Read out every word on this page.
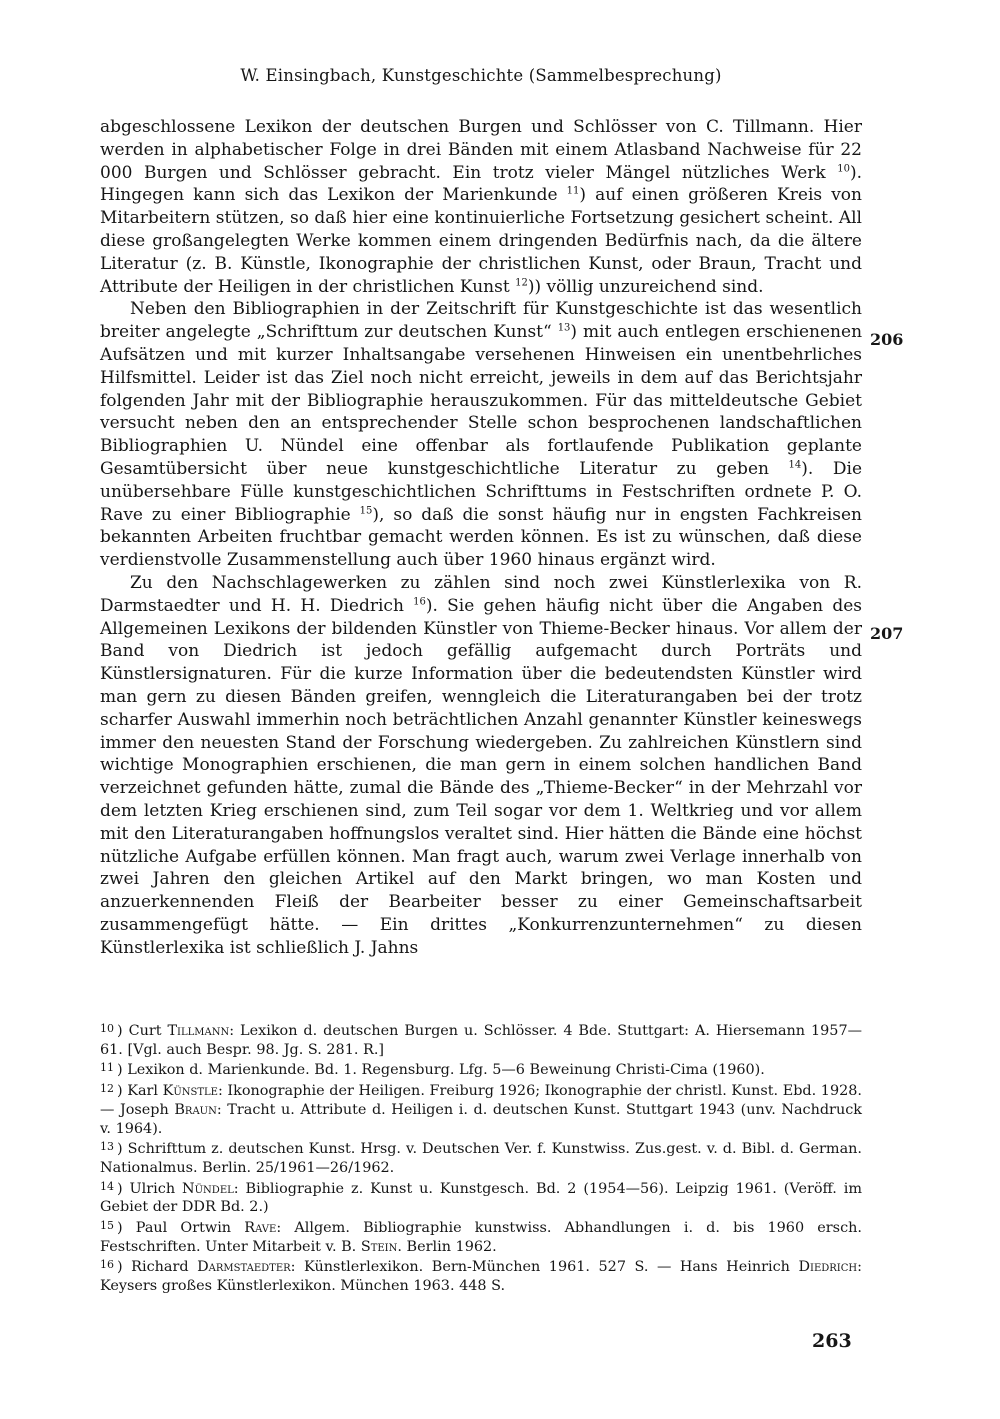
W. Einsingbach, Kunstgeschichte (Sammelbesprechung)

abgeschlossene Lexikon der deutschen Burgen und Schlösser von C. Tillmann. Hier werden in alphabetischer Folge in drei Bänden mit einem Atlasband Nachweise für 22 000 Burgen und Schlösser gebracht. Ein trotz vieler Mängel nützliches Werk $^{10}$). Hingegen kann sich das Lexikon der Marienkunde $^{11}$) auf einen größeren Kreis von Mitarbeitern stützen, so daß hier eine kontinuierliche Fortsetzung gesichert scheint. All diese großangelegten Werke kommen einem dringenden Bedürfnis nach, da die ältere Literatur (z. B. Künstle, Ikonographie der christlichen Kunst, oder Braun, Tracht und Attribute der Heiligen in der christlichen Kunst $^{12}$)) völlig unzureichend sind.

Neben den Bibliographien in der Zeitschrift für Kunstgeschichte ist das wesentlich breiter angelegte „Schrifttum zur deutschen Kunst“ $^{13}$) mit auch entlegen erschienenen Aufsätzen und mit kurzer Inhaltsangabe versehenen Hinweisen ein unentbehrliches Hilfsmittel. Leider ist das Ziel noch nicht erreicht, jeweils in dem auf das Berichtsjahr folgenden Jahr mit der Bibliographie herauszukommen. Für das mitteldeutsche Gebiet versucht neben den an entsprechender Stelle schon besprochenen landschaftlichen Bibliographien U. Nündel eine offenbar als fortlaufende Publikation geplante Gesamtübersicht über neue kunstgeschichtliche Literatur zu geben $^{14}$). Die unübersehbare Fülle kunstgeschichtlichen Schrifttums in Festschriften ordnete P. O. Rave zu einer Bibliographie $^{15}$), so daß die sonst häufig nur in engsten Fachkreisen bekannten Arbeiten fruchtbar gemacht werden können. Es ist zu wünschen, daß diese verdienstvolle Zusammenstellung auch über 1960 hinaus ergänzt wird.

Zu den Nachschlagewerken zu zählen sind noch zwei Künstlerlexika von R. Darmstaedter und H. H. Diedrich $^{16}$). Sie gehen häufig nicht über die Angaben des Allgemeinen Lexikons der bildenden Künstler von Thieme-Becker hinaus. Vor allem der Band von Diedrich ist jedoch gefällig aufgemacht durch Porträts und Künstlersignaturen. Für die kurze Information über die bedeutendsten Künstler wird man gern zu diesen Bänden greifen, wenngleich die Literaturangaben bei der trotz scharfer Auswahl immerhin noch beträchtlichen Anzahl genannter Künstler keineswegs immer den neuesten Stand der Forschung wiedergeben. Zu zahlreichen Künstlern sind wichtige Monographien erschienen, die man gern in einem solchen handlichen Band verzeichnet gefunden hätte, zumal die Bände des „Thieme-Becker“ in der Mehrzahl vor dem letzten Krieg erschienen sind, zum Teil sogar vor dem 1. Weltkrieg und vor allem mit den Literaturangaben hoffnungslos veraltet sind. Hier hätten die Bände eine höchst nützliche Aufgabe erfüllen können. Man fragt auch, warum zwei Verlage innerhalb von zwei Jahren den gleichen Artikel auf den Markt bringen, wo man Kosten und anzuerkennenden Fleiß der Bearbeiter besser zu einer Gemeinschaftsarbeit zusammengefügt hätte. — Ein drittes „Konkurrenzunternehmen“ zu diesen Künstlerlexika ist schließlich J. Jahns

206
207

$^{10}$ ) Curt Tillmann: Lexikon d. deutschen Burgen u. Schlösser. 4 Bde. Stuttgart: A. Hiersemann 1957—61. [Vgl. auch Bespr. 98. Jg. S. 281. R.]

$^{11}$ ) Lexikon d. Marienkunde. Bd. 1. Regensburg. Lfg. 5—6 Beweinung Christi-Cima (1960).

$^{12}$ ) Karl Künstle: Ikonographie der Heiligen. Freiburg 1926; Ikonographie der christl. Kunst. Ebd. 1928. — Joseph Braun: Tracht u. Attribute d. Heiligen i. d. deutschen Kunst. Stuttgart 1943 (unv. Nachdruck v. 1964).

$^{13}$ ) Schrifttum z. deutschen Kunst. Hrsg. v. Deutschen Ver. f. Kunstwiss. Zus.gest. v. d. Bibl. d. German. Nationalmus. Berlin. 25/1961—26/1962.

$^{14}$ ) Ulrich Nündel: Bibliographie z. Kunst u. Kunstgesch. Bd. 2 (1954—56). Leipzig 1961. (Veröff. im Gebiet der DDR Bd. 2.)

$^{15}$ ) Paul Ortwin Rave: Allgem. Bibliographie kunstwiss. Abhandlungen i. d. bis 1960 ersch. Festschriften. Unter Mitarbeit v. B. Stein. Berlin 1962.

$^{16}$ ) Richard Darmstaedter: Künstlerlexikon. Bern-München 1961. 527 S. — Hans Heinrich Diedrich: Keysers großes Künstlerlexikon. München 1963. 448 S.

263
